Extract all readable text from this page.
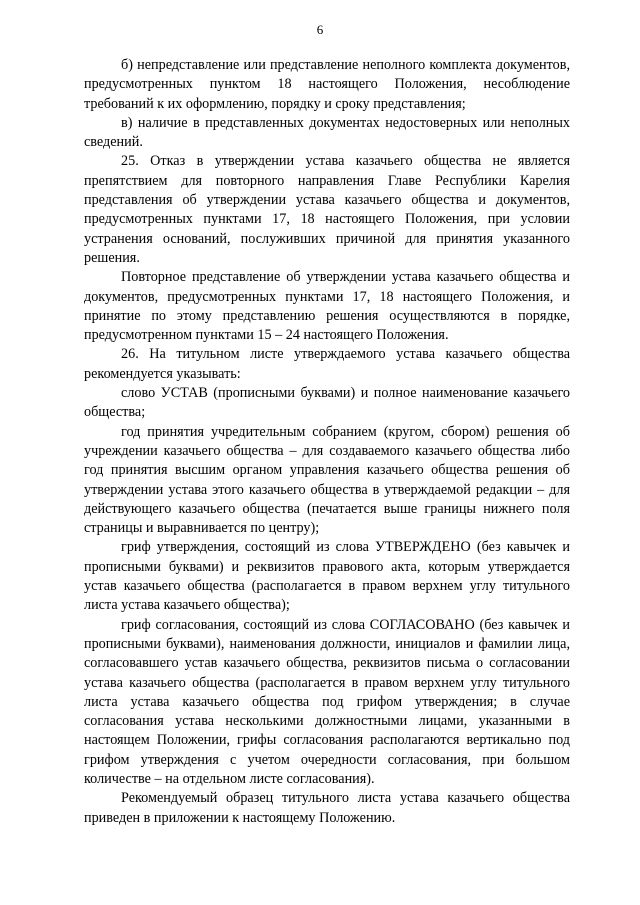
6

б) непредставление или представление неполного комплекта документов, предусмотренных пунктом 18 настоящего Положения, несоблюдение требований к их оформлению, порядку и сроку представления;

в) наличие в представленных документах недостоверных или неполных сведений.

25. Отказ в утверждении устава казачьего общества не является препятствием для повторного направления Главе Республики Карелия представления об утверждении устава казачьего общества и документов, предусмотренных пунктами 17, 18 настоящего Положения, при условии устранения оснований, послуживших причиной для принятия указанного решения.

Повторное представление об утверждении устава казачьего общества и документов, предусмотренных пунктами 17, 18 настоящего Положения, и принятие по этому представлению решения осуществляются в порядке, предусмотренном пунктами 15 – 24 настоящего Положения.

26. На титульном листе утверждаемого устава казачьего общества рекомендуется указывать:

слово УСТАВ (прописными буквами) и полное наименование казачьего общества;

год принятия учредительным собранием (кругом, сбором) решения об учреждении казачьего общества – для создаваемого казачьего общества либо год принятия высшим органом управления казачьего общества решения об утверждении устава этого казачьего общества в утверждаемой редакции – для действующего казачьего общества (печатается выше границы нижнего поля страницы и выравнивается по центру);

гриф утверждения, состоящий из слова УТВЕРЖДЕНО (без кавычек и прописными буквами) и реквизитов правового акта, которым утверждается устав казачьего общества (располагается в правом верхнем углу титульного листа устава казачьего общества);

гриф согласования, состоящий из слова СОГЛАСОВАНО (без кавычек и прописными буквами), наименования должности, инициалов и фамилии лица, согласовавшего устав казачьего общества, реквизитов письма о согласовании устава казачьего общества (располагается в правом верхнем углу титульного листа устава казачьего общества под грифом утверждения; в случае согласования устава несколькими должностными лицами, указанными в настоящем Положении, грифы согласования располагаются вертикально под грифом утверждения с учетом очередности согласования, при большом количестве – на отдельном листе согласования).

Рекомендуемый образец титульного листа устава казачьего общества приведен в приложении к настоящему Положению.
